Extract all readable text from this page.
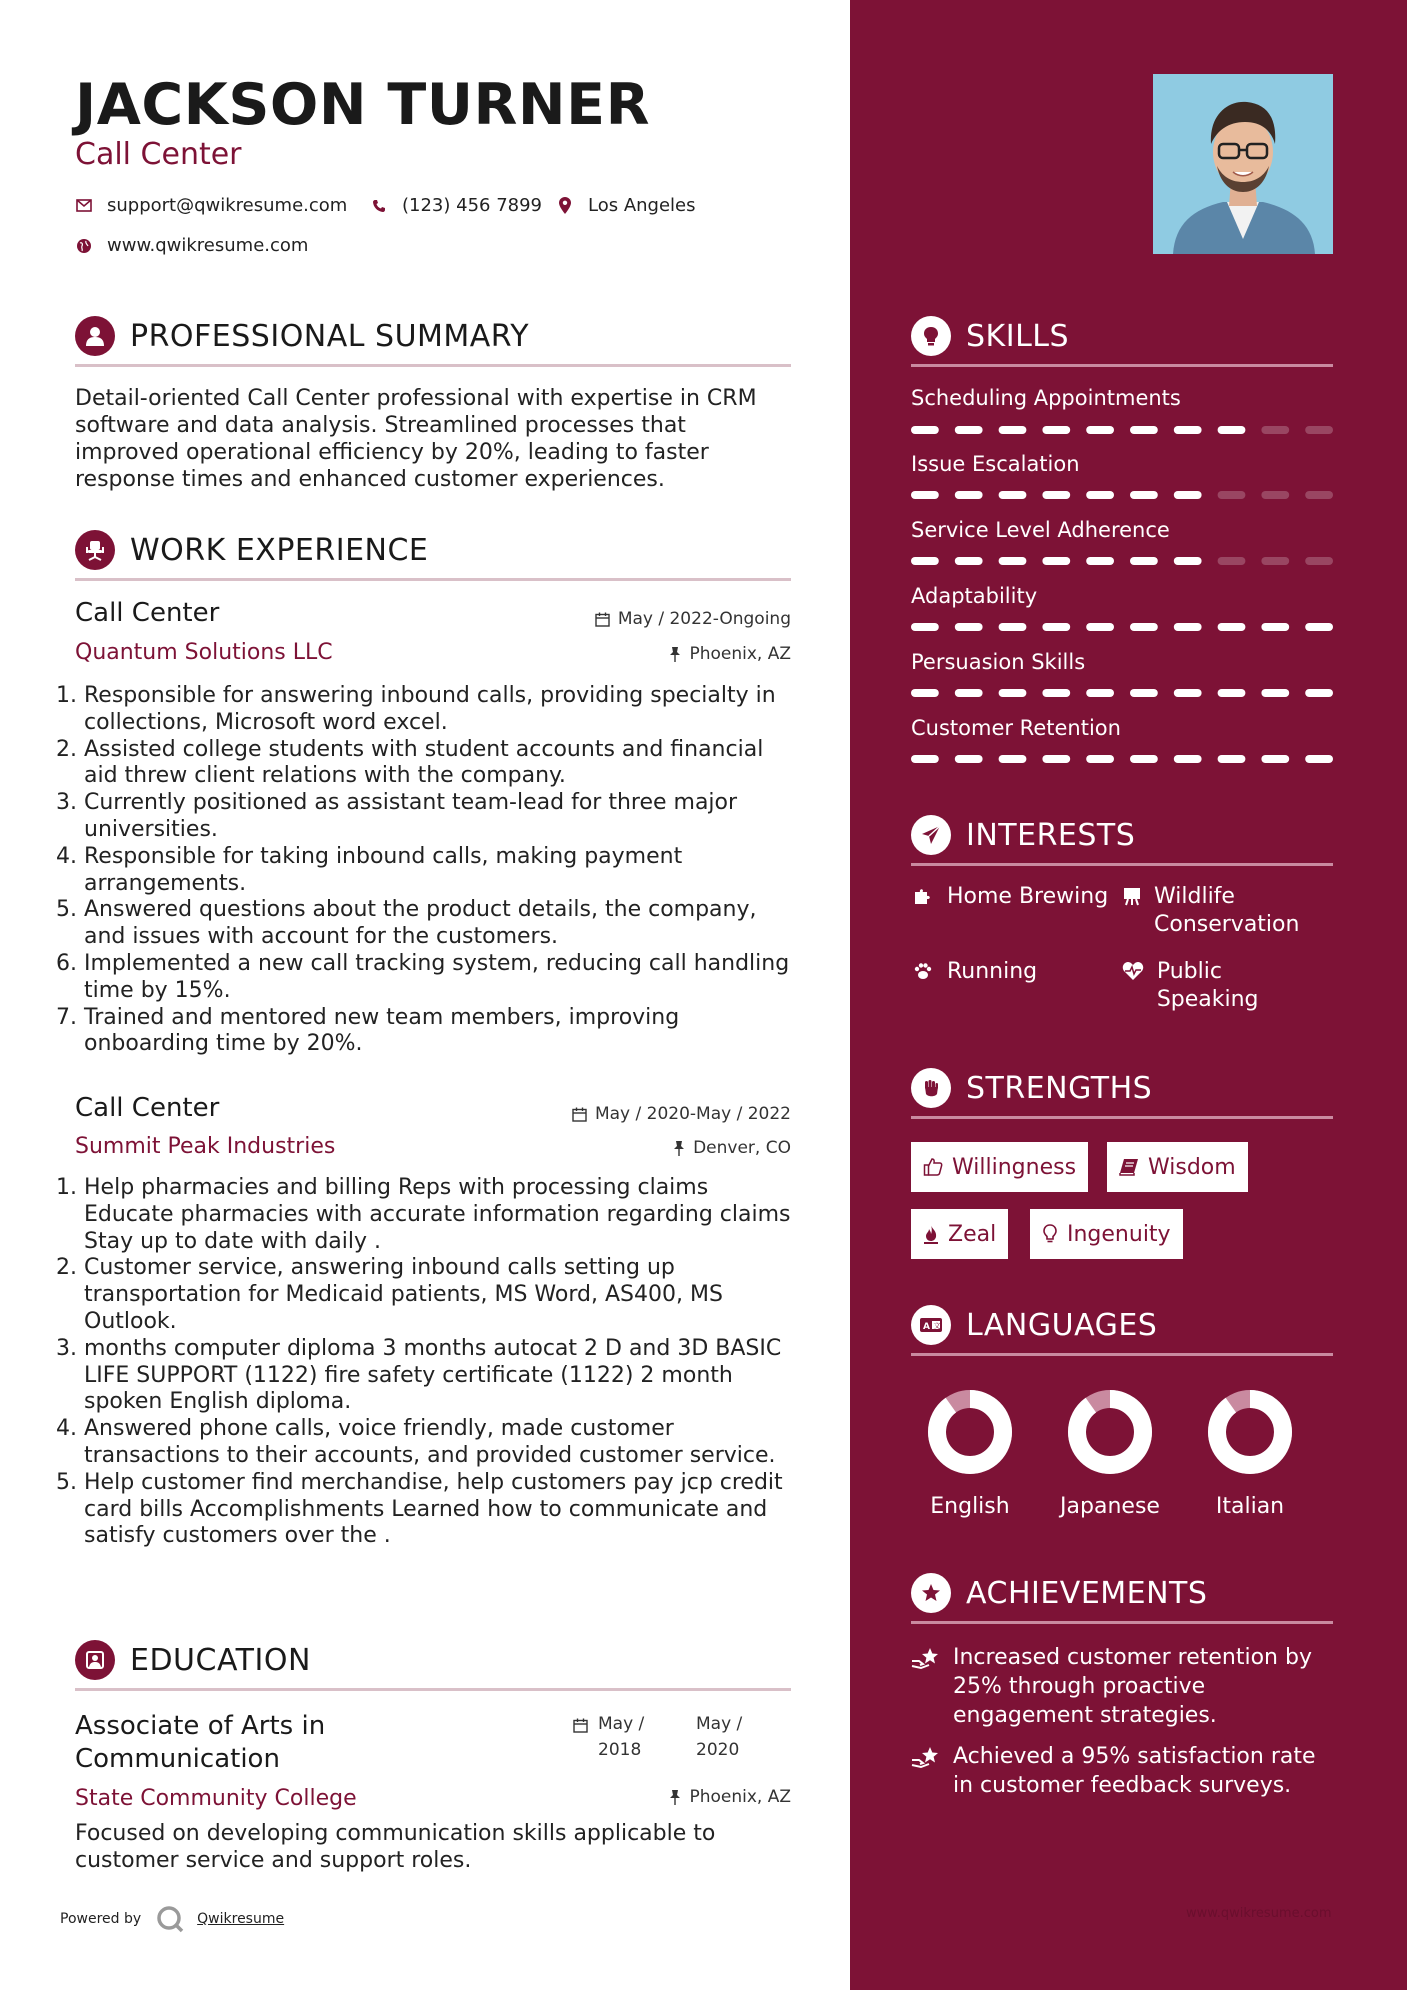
JACKSON TURNER
Call Center
support@qwikresume.com	(123) 456 7899	Los Angeles
www.qwikresume.com
PROFESSIONAL SUMMARY
Detail-oriented Call Center professional with expertise in CRM software and data analysis. Streamlined processes that improved operational efficiency by 20%, leading to faster response times and enhanced customer experiences.
WORK EXPERIENCE
Call Center
Quantum Solutions LLC
May / 2022-Ongoing
Phoenix, AZ
1. Responsible for answering inbound calls, providing specialty in collections, Microsoft word excel.
2. Assisted college students with student accounts and financial aid threw client relations with the company.
3. Currently positioned as assistant team-lead for three major universities.
4. Responsible for taking inbound calls, making payment arrangements.
5. Answered questions about the product details, the company, and issues with account for the customers.
6. Implemented a new call tracking system, reducing call handling time by 15%.
7. Trained and mentored new team members, improving onboarding time by 20%.
Call Center
Summit Peak Industries
May / 2020-May / 2022
Denver, CO
1. Help pharmacies and billing Reps with processing claims Educate pharmacies with accurate information regarding claims Stay up to date with daily .
2. Customer service, answering inbound calls setting up transportation for Medicaid patients, MS Word, AS400, MS Outlook.
3. months computer diploma 3 months autocat 2 D and 3D BASIC LIFE SUPPORT (1122) fire safety certificate (1122) 2 month spoken English diploma.
4. Answered phone calls, voice friendly, made customer transactions to their accounts, and provided customer service.
5. Help customer find merchandise, help customers pay jcp credit card bills Accomplishments Learned how to communicate and satisfy customers over the .
EDUCATION
Associate of Arts in Communication
State Community College
May /
2018
May /
2020
Phoenix, AZ
Focused on developing communication skills applicable to customer service and support roles.
Powered by	Qwikresume	www.qwikresume.com
SKILLS
Scheduling Appointments
Issue Escalation
Service Level Adherence
Adaptability
Persuasion Skills
Customer Retention
INTERESTS
Home Brewing Wildlife Conservation
Running	Public Speaking
STRENGTHS
Willingness	Wisdom
Zeal	Ingenuity
A 文 LANGUAGES
English	Japanese	Italian
ACHIEVEMENTS
Increased customer retention by 25% through proactive engagement strategies.
Achieved a 95% satisfaction rate in customer feedback surveys.
